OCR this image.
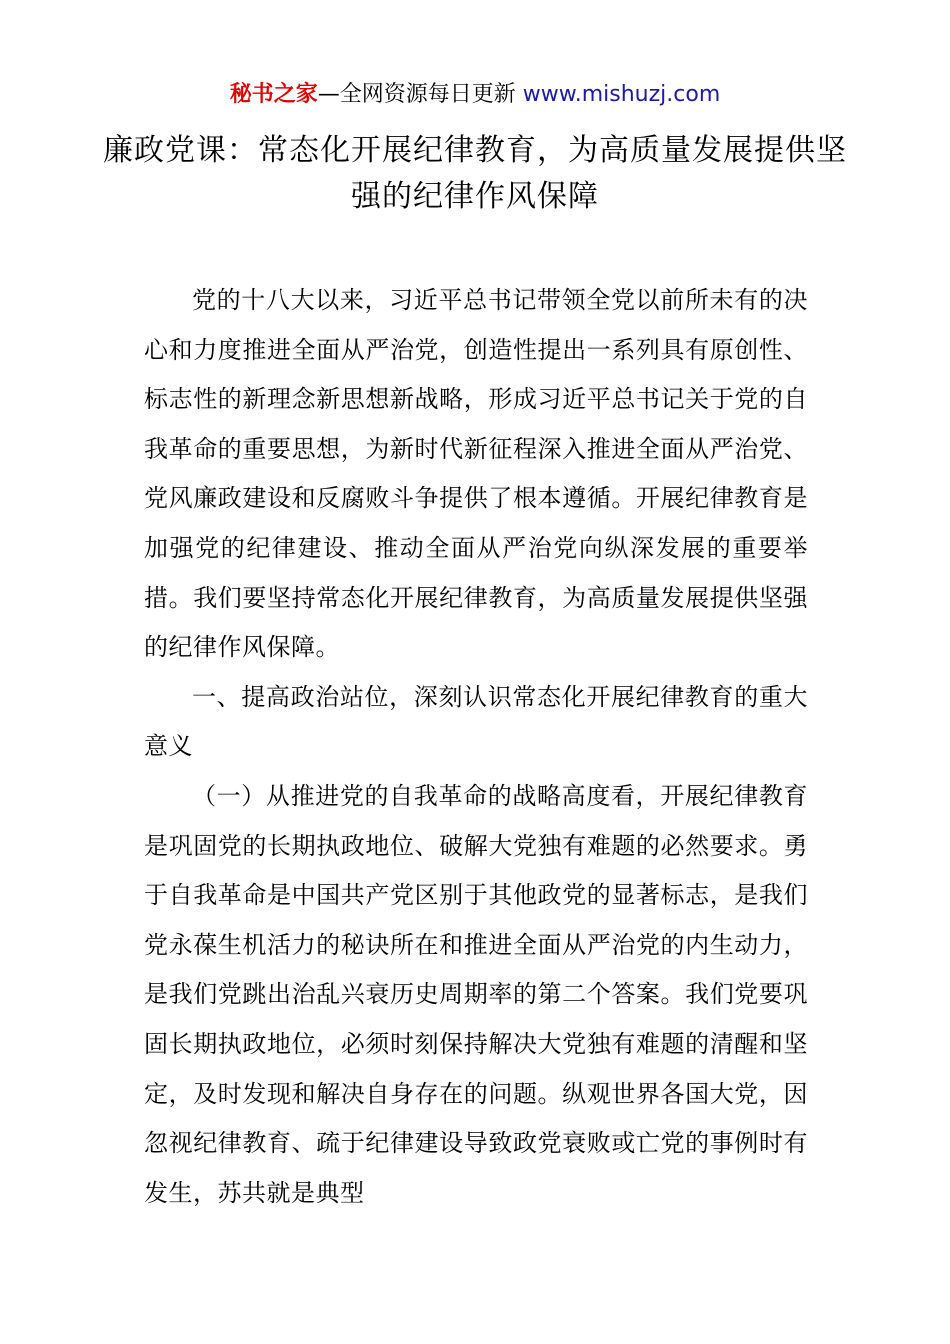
秘书之家—全网资源每日更新 www.mishuzj.com
廉政党课：常态化开展纪律教育，为高质量发展提供坚强的纪律作风保障

党的十八大以来，习近平总书记带领全党以前所未有的决心和力度推进全面从严治党，创造性提出一系列具有原创性、标志性的新理念新思想新战略，形成习近平总书记关于党的自我革命的重要思想，为新时代新征程深入推进全面从严治党、党风廉政建设和反腐败斗争提供了根本遵循。开展纪律教育是加强党的纪律建设、推动全面从严治党向纵深发展的重要举措。我们要坚持常态化开展纪律教育，为高质量发展提供坚强的纪律作风保障。

一、提高政治站位，深刻认识常态化开展纪律教育的重大意义

（一）从推进党的自我革命的战略高度看，开展纪律教育是巩固党的长期执政地位、破解大党独有难题的必然要求。勇于自我革命是中国共产党区别于其他政党的显著标志，是我们党永葆生机活力的秘诀所在和推进全面从严治党的内生动力，是我们党跳出治乱兴衰历史周期率的第二个答案。我们党要巩固长期执政地位，必须时刻保持解决大党独有难题的清醒和坚定，及时发现和解决自身存在的问题。纵观世界各国大党，因忽视纪律教育、疏于纪律建设导致政党衰败或亡党的事例时有发生，苏共就是典型
